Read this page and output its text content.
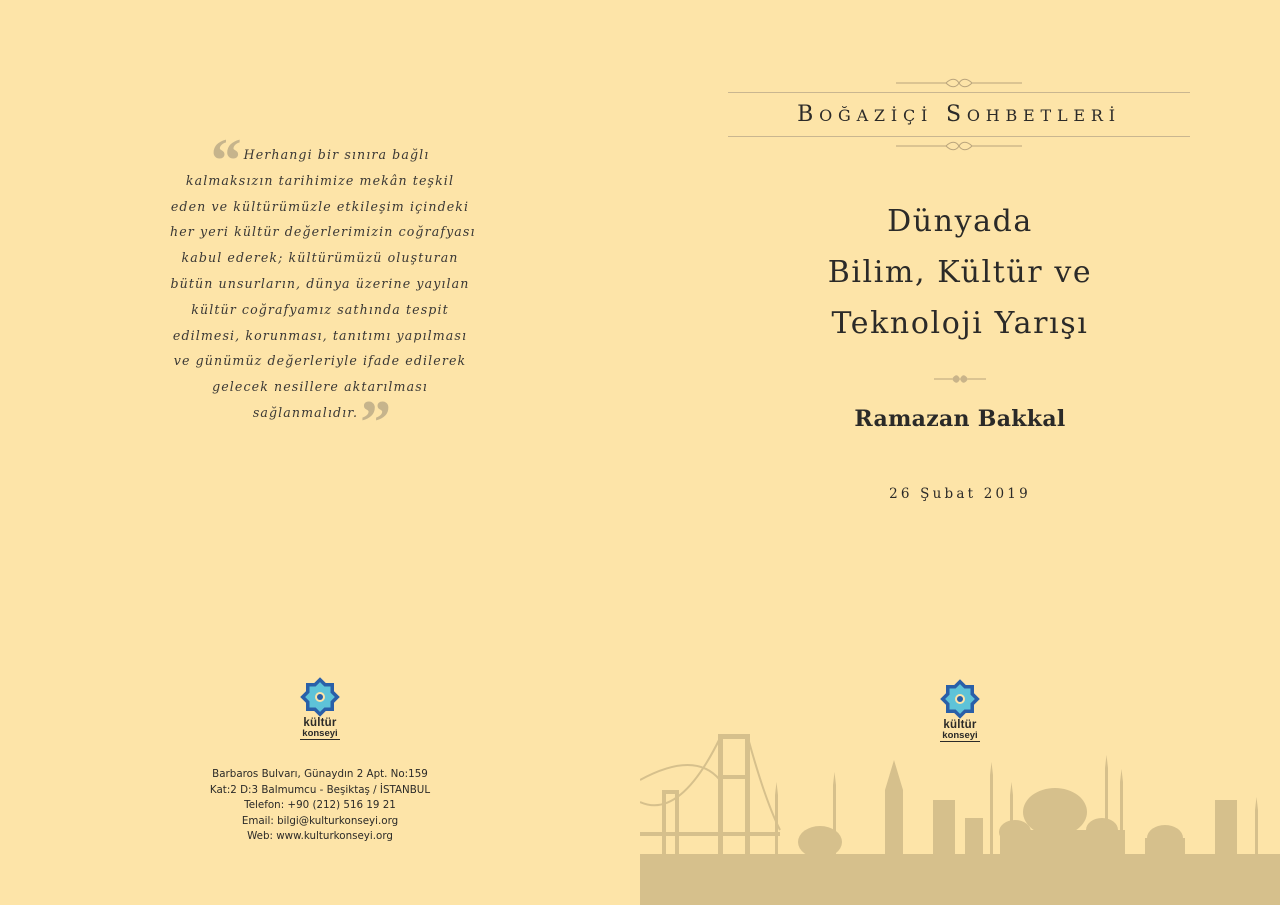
“ Herhangi bir sınıra bağlı
kalmaksızın tarihimize mekân teşkil
eden ve kültürümüzle etkileşim içindeki
her yeri kültür değerlerimizin coğrafyası
kabul ederek; kültürümüzü oluşturan
bütün unsurların, dünya üzerine yayılan
kültür coğrafyamız sathında tespit
edilmesi, korunması, tanıtımı yapılması
ve günümüz değerleriyle ifade edilerek
gelecek nesillere aktarılması
sağlanmalıdır.”
kültür
konseyi
Barbaros Bulvarı, Günaydın 2 Apt. No:159
Kat:2 D:3 Balmumcu - Beşiktaş / İSTANBUL
Telefon: +90 (212) 516 19 21
Email: bilgi@kulturkonseyi.org
Web: www.kulturkonseyi.org
BOĞAZİÇİ SOHBETLERİ
Dünyada
Bilim, Kültür ve
Teknoloji Yarışı
Ramazan Bakkal
26 Şubat 2019
kültür
konseyi
